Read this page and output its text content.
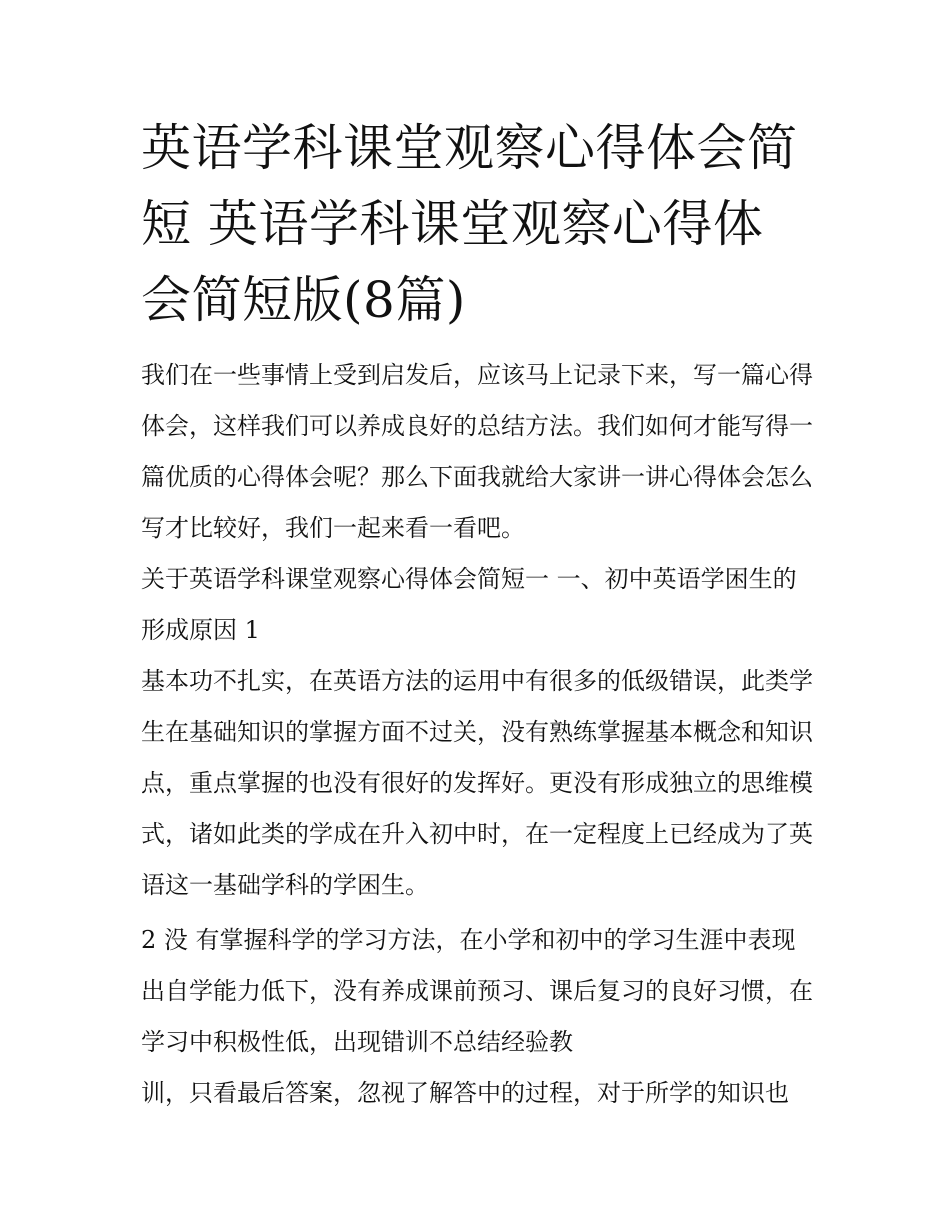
英语学科课堂观察心得体会简短 英语学科课堂观察心得体会简短版(8篇)

我们在一些事情上受到启发后，应该马上记录下来，写一篇心得体会，这样我们可以养成良好的总结方法。我们如何才能写得一篇优质的心得体会呢？那么下面我就给大家讲一讲心得体会怎么写才比较好，我们一起来看一看吧。

关于英语学科课堂观察心得体会简短一 一、初中英语学困生的形成原因 1

基本功不扎实，在英语方法的运用中有很多的低级错误，此类学生在基础知识的掌握方面不过关，没有熟练掌握基本概念和知识点，重点掌握的也没有很好的发挥好。更没有形成独立的思维模式，诸如此类的学成在升入初中时，在一定程度上已经成为了英语这一基础学科的学困生。

2 没 有掌握科学的学习方法，在小学和初中的学习生涯中表现出自学能力低下，没有养成课前预习、课后复习的良好习惯，在学习中积极性低，出现错训不总结经验教

训，只看最后答案，忽视了解答中的过程，对于所学的知识也
